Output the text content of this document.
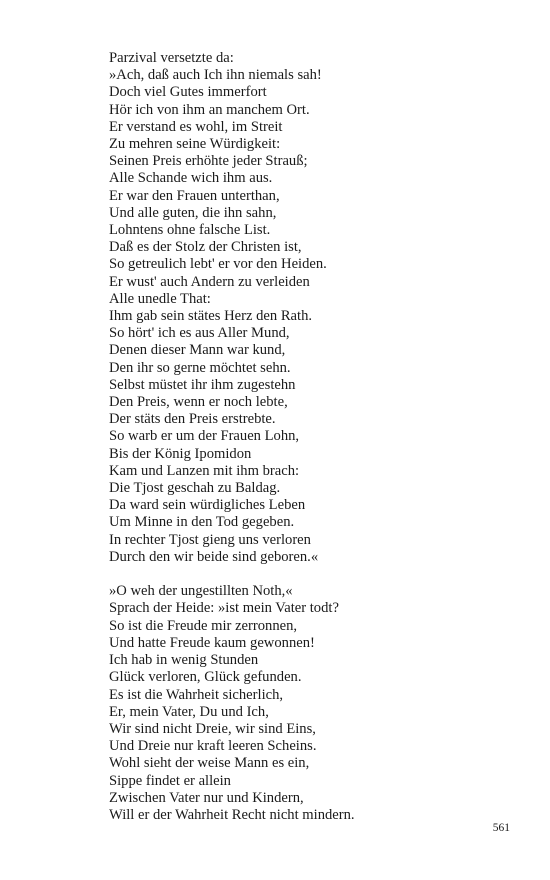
Parzival versetzte da:
»Ach, daß auch Ich ihn niemals sah!
Doch viel Gutes immerfort
Hör ich von ihm an manchem Ort.
Er verstand es wohl, im Streit
Zu mehren seine Würdigkeit:
Seinen Preis erhöhte jeder Strauß;
Alle Schande wich ihm aus.
Er war den Frauen unterthan,
Und alle guten, die ihn sahn,
Lohntens ohne falsche List.
Daß es der Stolz der Christen ist,
So getreulich lebt' er vor den Heiden.
Er wust' auch Andern zu verleiden
Alle unedle That:
Ihm gab sein stätes Herz den Rath.
So hört' ich es aus Aller Mund,
Denen dieser Mann war kund,
Den ihr so gerne möchtet sehn.
Selbst müstet ihr ihm zugestehn
Den Preis, wenn er noch lebte,
Der stäts den Preis erstrebte.
So warb er um der Frauen Lohn,
Bis der König Ipomidon
Kam und Lanzen mit ihm brach:
Die Tjost geschah zu Baldag.
Da ward sein würdigliches Leben
Um Minne in den Tod gegeben.
In rechter Tjost gieng uns verloren
Durch den wir beide sind geboren.«
»O weh der ungestillten Noth,«
Sprach der Heide: »ist mein Vater todt?
So ist die Freude mir zerronnen,
Und hatte Freude kaum gewonnen!
Ich hab in wenig Stunden
Glück verloren, Glück gefunden.
Es ist die Wahrheit sicherlich,
Er, mein Vater, Du und Ich,
Wir sind nicht Dreie, wir sind Eins,
Und Dreie nur kraft leeren Scheins.
Wohl sieht der weise Mann es ein,
Sippe findet er allein
Zwischen Vater nur und Kindern,
Will er der Wahrheit Recht nicht mindern.
561
